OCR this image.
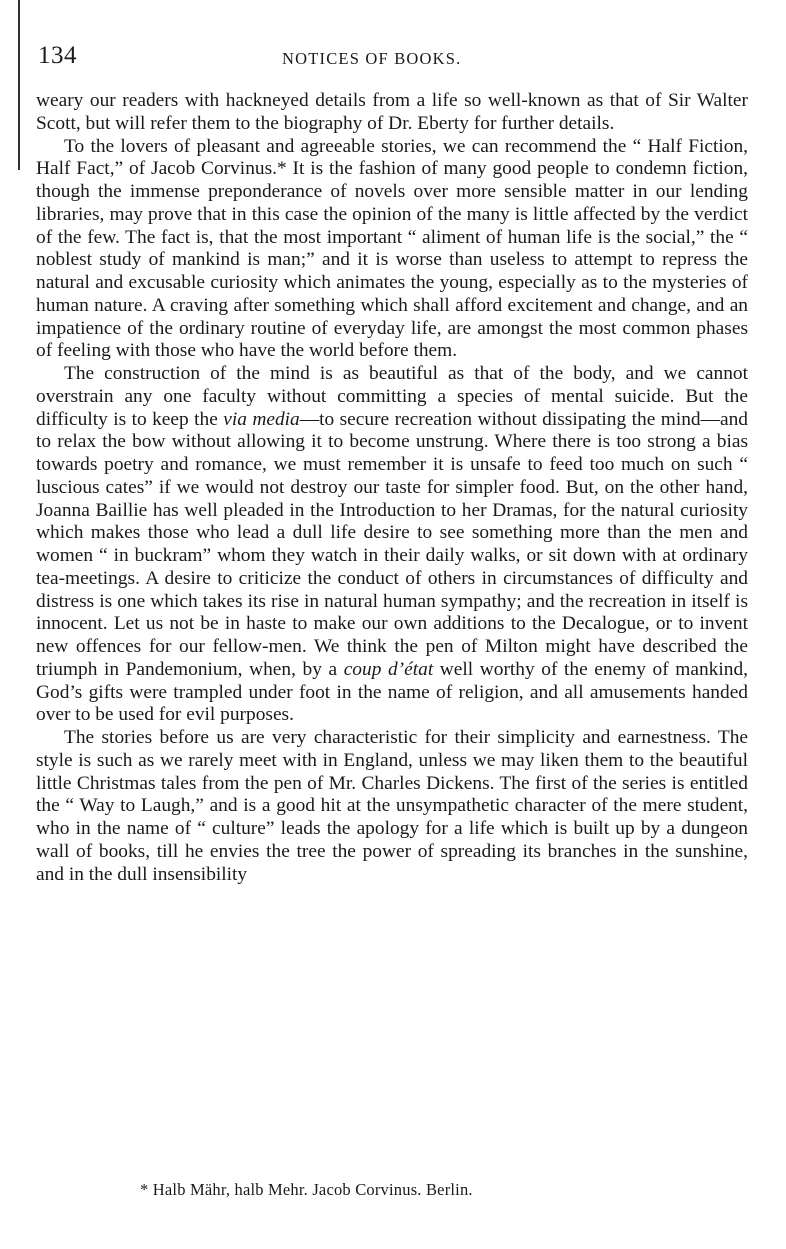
134	NOTICES OF BOOKS.

weary our readers with hackneyed details from a life so well-known as that of Sir Walter Scott, but will refer them to the biography of Dr. Eberty for further details.

To the lovers of pleasant and agreeable stories, we can recommend the “ Half Fiction, Half Fact,” of Jacob Corvinus.* It is the fashion of many good people to condemn fiction, though the immense preponderance of novels over more sensible matter in our lending libraries, may prove that in this case the opinion of the many is little affected by the verdict of the few. The fact is, that the most important “ aliment of human life is the social,” the “ noblest study of mankind is man;” and it is worse than useless to attempt to repress the natural and excusable curiosity which animates the young, especially as to the mysteries of human nature. A craving after something which shall afford excitement and change, and an impatience of the ordinary routine of everyday life, are amongst the most common phases of feeling with those who have the world before them.

The construction of the mind is as beautiful as that of the body, and we cannot overstrain any one faculty without committing a species of mental suicide. But the difficulty is to keep the via media—to secure recreation without dissipating the mind—and to relax the bow without allowing it to become unstrung. Where there is too strong a bias towards poetry and romance, we must remember it is unsafe to feed too much on such “ luscious cates” if we would not destroy our taste for simpler food. But, on the other hand, Joanna Baillie has well pleaded in the Introduction to her Dramas, for the natural curiosity which makes those who lead a dull life desire to see something more than the men and women “ in buckram” whom they watch in their daily walks, or sit down with at ordinary tea-meetings. A desire to criticize the conduct of others in circumstances of difficulty and distress is one which takes its rise in natural human sympathy; and the recreation in itself is innocent. Let us not be in haste to make our own additions to the Decalogue, or to invent new offences for our fellow-men. We think the pen of Milton might have described the triumph in Pandemonium, when, by a coup d’état well worthy of the enemy of mankind, God’s gifts were trampled under foot in the name of religion, and all amusements handed over to be used for evil purposes.

The stories before us are very characteristic for their simplicity and earnestness. The style is such as we rarely meet with in England, unless we may liken them to the beautiful little Christmas tales from the pen of Mr. Charles Dickens. The first of the series is entitled the “ Way to Laugh,” and is a good hit at the unsympathetic character of the mere student, who in the name of “ culture” leads the apology for a life which is built up by a dungeon wall of books, till he envies the tree the power of spreading its branches in the sunshine, and in the dull insensibility

* Halb Mähr, halb Mehr. Jacob Corvinus. Berlin.
